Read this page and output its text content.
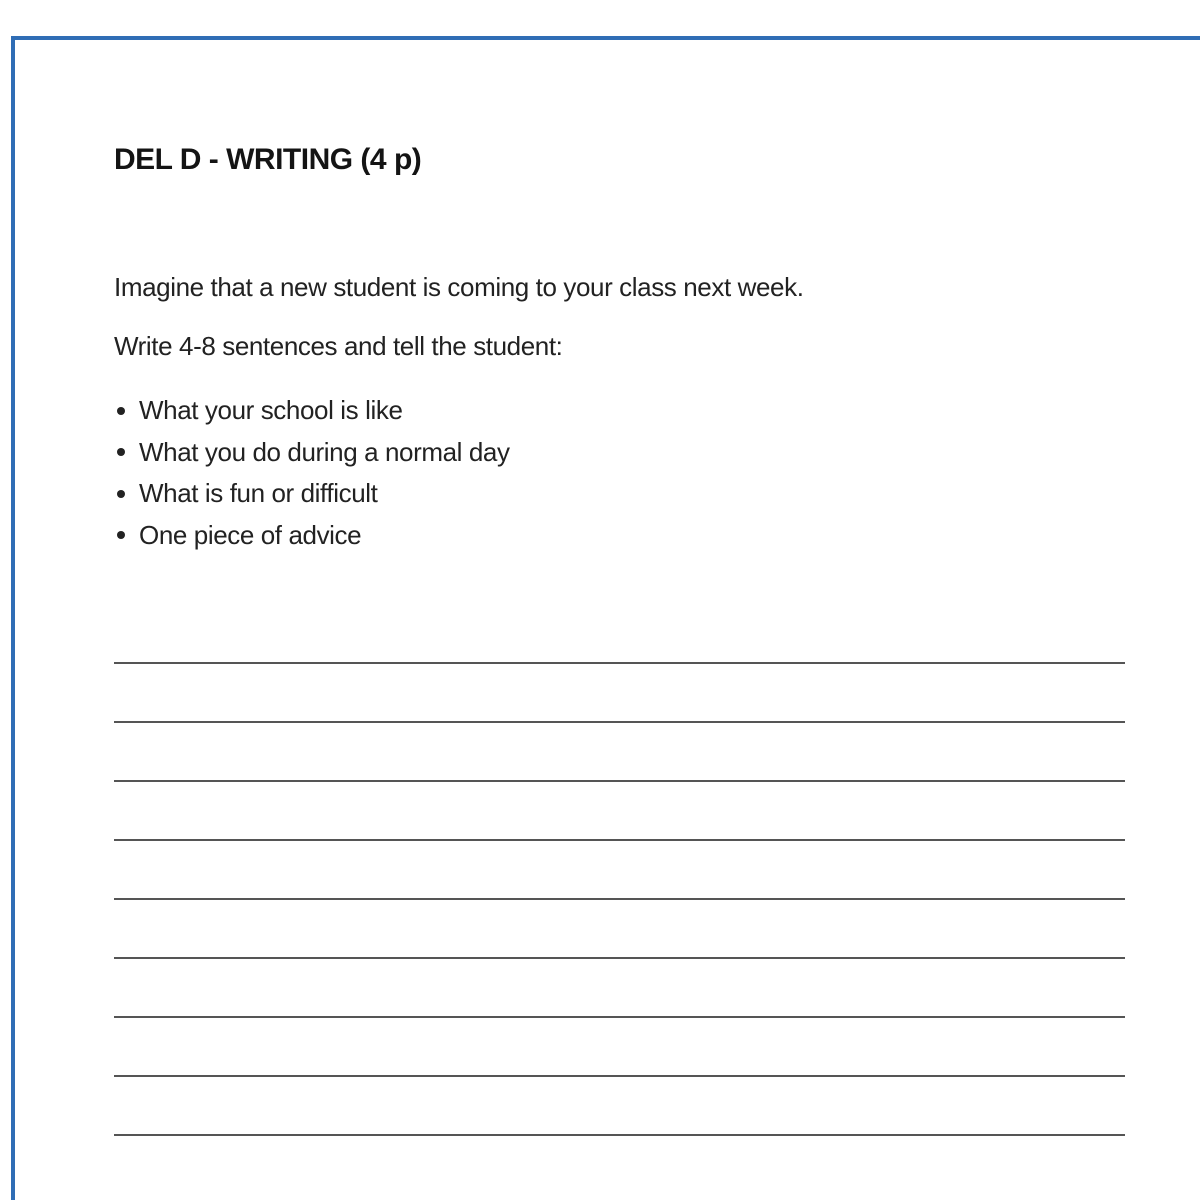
DEL D - WRITING (4 p)

Imagine that a new student is coming to your class next week.

Write 4-8 sentences and tell the student:

What your school is like
What you do during a normal day
What is fun or difficult
One piece of advice
